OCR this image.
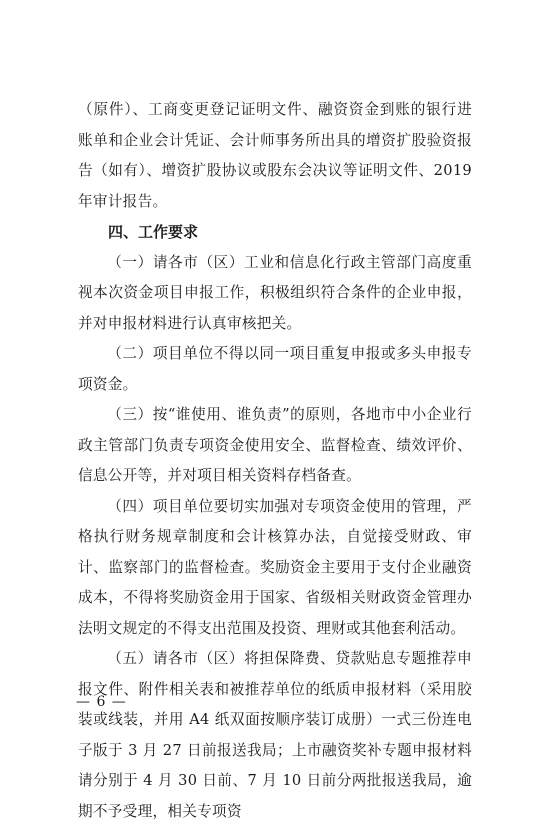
（原件）、工商变更登记证明文件、融资资金到账的银行进账单和企业会计凭证、会计师事务所出具的增资扩股验资报告（如有）、增资扩股协议或股东会决议等证明文件、2019年审计报告。

四、工作要求

（一）请各市（区）工业和信息化行政主管部门高度重视本次资金项目申报工作，积极组织符合条件的企业申报，并对申报材料进行认真审核把关。

（二）项目单位不得以同一项目重复申报或多头申报专项资金。

（三）按“谁使用、谁负责”的原则，各地市中小企业行政主管部门负责专项资金使用安全、监督检查、绩效评价、信息公开等，并对项目相关资料存档备查。

（四）项目单位要切实加强对专项资金使用的管理，严格执行财务规章制度和会计核算办法，自觉接受财政、审计、监察部门的监督检查。奖励资金主要用于支付企业融资成本，不得将奖励资金用于国家、省级相关财政资金管理办法明文规定的不得支出范围及投资、理财或其他套利活动。

（五）请各市（区）将担保降费、贷款贴息专题推荐申报文件、附件相关表和被推荐单位的纸质申报材料（采用胶装或线装，并用 A4 纸双面按顺序装订成册）一式三份连电子版于 3 月 27 日前报送我局；上市融资奖补专题申报材料请分别于 4 月 30 日前、7 月 10 日前分两批报送我局，逾期不予受理，相关专项资

— 6 —
